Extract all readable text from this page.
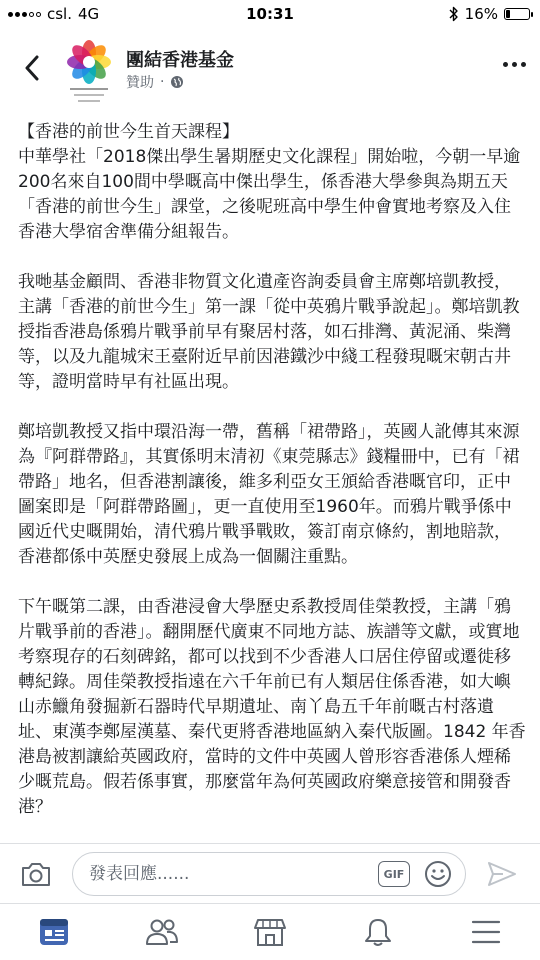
csl. 4G	10:31	16%
團結香港基金
贊助 ·

【香港的前世今生首天課程】
中華學社「2018傑出學生暑期歷史文化課程」開始啦，今朝一早逾200名來自100間中學嘅高中傑出學生，係香港大學參與為期五天「香港的前世今生」課堂，之後呢班高中學生仲會實地考察及入住香港大學宿舍準備分組報告。

我哋基金顧問、香港非物質文化遺產咨詢委員會主席鄭培凱教授，主講「香港的前世今生」第一課「從中英鴉片戰爭說起」。鄭培凱教授指香港島係鴉片戰爭前早有聚居村落，如石排灣、黃泥涌、柴灣等，以及九龍城宋王臺附近早前因港鐵沙中綫工程發現嘅宋朝古井等，證明當時早有社區出現。

鄭培凱教授又指中環沿海一帶，舊稱「裙帶路」，英國人訛傳其來源為『阿群帶路』，其實係明末清初《東莞縣志》錢糧冊中，已有「裙帶路」地名，但香港割讓後，維多利亞女王頒給香港嘅官印，正中圖案即是「阿群帶路圖」，更一直使用至1960年。而鴉片戰爭係中國近代史嘅開始，清代鴉片戰爭戰敗，簽訂南京條約，割地賠款，香港都係中英歷史發展上成為一個關注重點。

下午嘅第二課，由香港浸會大學歷史系教授周佳榮教授，主講「鴉片戰爭前的香港」。翻開歷代廣東不同地方誌、族譜等文獻，或實地考察現存的石刻碑銘，都可以找到不少香港人口居住停留或遷徙移轉紀錄。周佳榮教授指遠在六千年前已有人類居住係香港，如大嶼山赤鱲角發掘新石器時代早期遺址、南丫島五千年前嘅古村落遺址、東漢李鄭屋漢墓、秦代更將香港地區納入秦代版圖。1842 年香港島被割讓給英國政府，當時的文件中英國人曾形容香港係人煙稀少嘅荒島。假若係事實，那麼當年為何英國政府樂意接管和開發香港？

發表回應......
GIF
